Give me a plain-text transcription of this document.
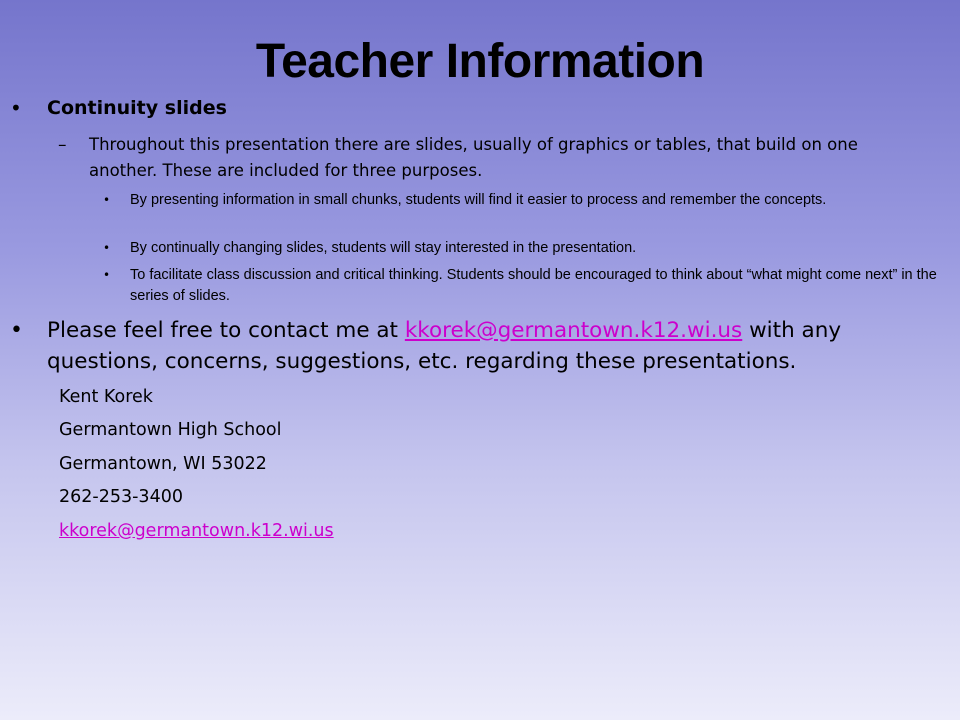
Teacher Information
• Continuity slides
– Throughout this presentation there are slides, usually of graphics or tables, that build on one another. These are included for three purposes.
• By presenting information in small chunks, students will find it easier to process and remember the concepts.
• By continually changing slides, students will stay interested in the presentation.
• To facilitate class discussion and critical thinking. Students should be encouraged to think about “what might come next” in the series of slides.
• Please feel free to contact me at kkorek@germantown.k12.wi.us with any questions, concerns, suggestions, etc. regarding these presentations.
Kent Korek
Germantown High School
Germantown, WI 53022
262-253-3400
kkorek@germantown.k12.wi.us
